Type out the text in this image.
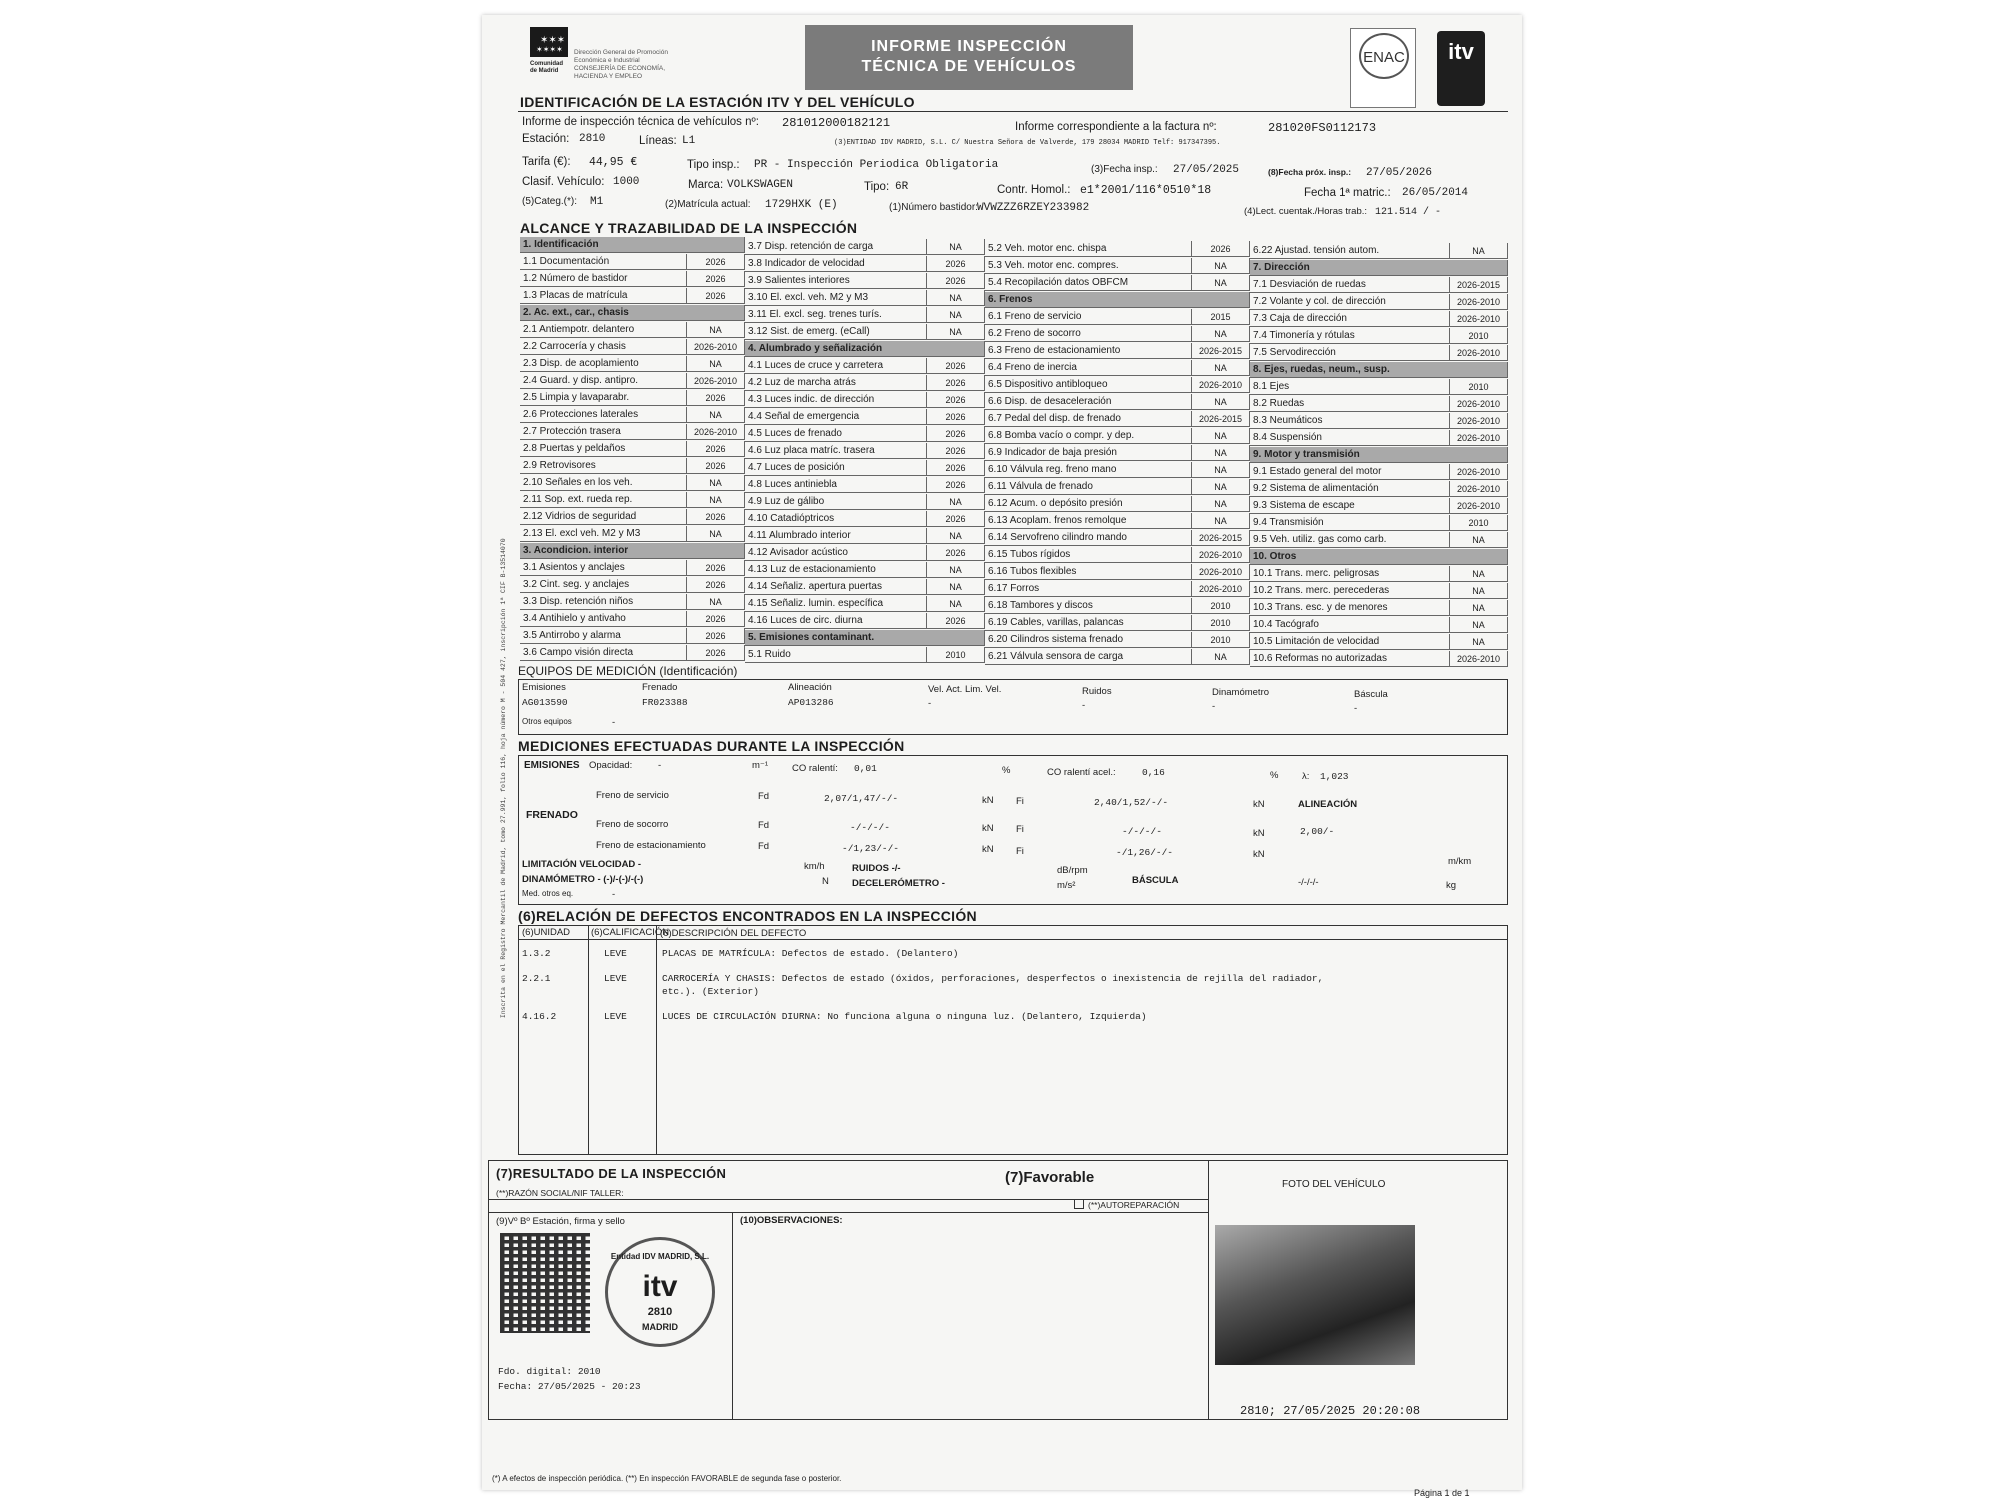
✶✶✶
✶✶✶✶
Comunidad
de Madrid
Dirección General de Promoción
Económica e Industrial
CONSEJERÍA DE ECONOMÍA,
HACIENDA Y EMPLEO
INFORME INSPECCIÓN
TÉCNICA DE VEHÍCULOS
ENAC	itv
IDENTIFICACIÓN DE LA ESTACIÓN ITV Y DEL VEHÍCULO
Informe de inspección técnica de vehículos nº: 281012000182121	Informe correspondiente a la factura nº:	281020FS0112173
Estación: 2810	Líneas: L1	(3)ENTIDAD IDV MADRID, S.L. C/ Nuestra Señora de Valverde, 179 28034 MADRID Telf: 917347395.
Tarifa (€): 44,95 €	Tipo insp.: PR - Inspección Periodica Obligatoria	(3)Fecha insp.: 27/05/2025	(8)Fecha próx. insp.: 27/05/2026
Clasif. Vehículo: 1000	Marca: VOLKSWAGEN	Tipo: 6R	Contr. Homol.: e1*2001/116*0510*18	Fecha 1ª matric.: 26/05/2014
(5)Categ.(*): M1	(2)Matrícula actual: 1729HXK (E)	(1)Número bastidor: WVWZZZ6RZEY233982	(4)Lect. cuentak./Horas trab.: 121.514 / -
ALCANCE Y TRAZABILIDAD DE LA INSPECCIÓN
1. Identificación
1.1 Documentación	2026
1.2 Número de bastidor	2026
1.3 Placas de matrícula	2026
2. Ac. ext., car., chasis
2.1 Antiempotr. delantero	NA
2.2 Carrocería y chasis	2026-2010
2.3 Disp. de acoplamiento	NA
2.4 Guard. y disp. antipro.	2026-2010
2.5 Limpia y lavaparabr.	2026
2.6 Protecciones laterales	NA
2.7 Protección trasera	2026-2010
2.8 Puertas y peldaños	2026
2.9 Retrovisores	2026
2.10 Señales en los veh.	NA
2.11 Sop. ext. rueda rep.	NA
2.12 Vidrios de seguridad	2026
2.13 El. excl veh. M2 y M3	NA
3. Acondicion. interior
3.1 Asientos y anclajes	2026
3.2 Cint. seg. y anclajes	2026
3.3 Disp. retención niños	NA
3.4 Antihielo y antivaho	2026
3.5 Antirrobo y alarma	2026
3.6 Campo visión directa	2026
3.7 Disp. retención de carga	NA
3.8 Indicador de velocidad	2026
3.9 Salientes interiores	2026
3.10 El. excl. veh. M2 y M3	NA
3.11 El. excl. seg. trenes turís.	NA
3.12 Sist. de emerg. (eCall)	NA
4. Alumbrado y señalización
4.1 Luces de cruce y carretera	2026
4.2 Luz de marcha atrás	2026
4.3 Luces indic. de dirección	2026
4.4 Señal de emergencia	2026
4.5 Luces de frenado	2026
4.6 Luz placa matríc. trasera	2026
4.7 Luces de posición	2026
4.8 Luces antiniebla	2026
4.9 Luz de gálibo	NA
4.10 Catadióptricos	2026
4.11 Alumbrado interior	NA
4.12 Avisador acústico	2026
4.13 Luz de estacionamiento	NA
4.14 Señaliz. apertura puertas	NA
4.15 Señaliz. lumin. específica	NA
4.16 Luces de circ. diurna	2026
5. Emisiones contaminant.
5.1 Ruido	2010
5.2 Veh. motor enc. chispa	2026
5.3 Veh. motor enc. compres.	NA
5.4 Recopilación datos OBFCM	NA
6. Frenos
6.1 Freno de servicio	2015
6.2 Freno de socorro	NA
6.3 Freno de estacionamiento	2026-2015
6.4 Freno de inercia	NA
6.5 Dispositivo antibloqueo	2026-2010
6.6 Disp. de desaceleración	NA
6.7 Pedal del disp. de frenado	2026-2015
6.8 Bomba vacío o compr. y dep.	NA
6.9 Indicador de baja presión	NA
6.10 Válvula reg. freno mano	NA
6.11 Válvula de frenado	NA
6.12 Acum. o depósito presión	NA
6.13 Acoplam. frenos remolque	NA
6.14 Servofreno cilindro mando	2026-2015
6.15 Tubos rígidos	2026-2010
6.16 Tubos flexibles	2026-2010
6.17 Forros	2026-2010
6.18 Tambores y discos	2010
6.19 Cables, varillas, palancas	2010
6.20 Cilindros sistema frenado	2010
6.21 Válvula sensora de carga	NA
6.22 Ajustad. tensión autom.	NA
7. Dirección
7.1 Desviación de ruedas	2026-2015
7.2 Volante y col. de dirección	2026-2010
7.3 Caja de dirección	2026-2010
7.4 Timonería y rótulas	2010
7.5 Servodirección	2026-2010
8. Ejes, ruedas, neum., susp.
8.1 Ejes	2010
8.2 Ruedas	2026-2010
8.3 Neumáticos	2026-2010
8.4 Suspensión	2026-2010
9. Motor y transmisión
9.1 Estado general del motor	2026-2010
9.2 Sistema de alimentación	2026-2010
9.3 Sistema de escape	2026-2010
9.4 Transmisión	2010
9.5 Veh. utiliz. gas como carb.	NA
10. Otros
10.1 Trans. merc. peligrosas	NA
10.2 Trans. merc. perecederas	NA
10.3 Trans. esc. y de menores	NA
10.4 Tacógrafo	NA
10.5 Limitación de velocidad	NA
10.6 Reformas no autorizadas	2026-2010
EQUIPOS DE MEDICIÓN (Identificación)
Emisiones
AG013590
Frenado
FR023388
Alineación
AP013286
Vel. Act. Lim. Vel.
-
Ruidos
-
Dinamómetro
-
Báscula
-
Otros equipos	-
MEDICIONES EFECTUADAS DURANTE LA INSPECCIÓN
EMISIONES Opacidad:	-	m⁻¹	CO ralentí: 0,01	%	CO ralentí acel.:	0,16	% λ: 1,023
FRENADO
Freno de servicio	Fd	2,07/1,47/-/-	kN Fi	2,40/1,52/-/-	kN	ALINEACIÓN
2,00/-
m/km
Freno de socorro	Fd	-/-/-/-	kN Fi	-/-/-/-	kN
Freno de estacionamiento	Fd	-/1,23/-/-	kN Fi	-/1,26/-/-	kN
LIMITACIÓN VELOCIDAD -	km/h	RUIDOS -/-	dB/rpm
DINAMÓMETRO - (-)/-(-)/-(-)	N DECELERÓMETRO -	m/s²	BÁSCULA	-/-/-/-	kg
Med. otros eq.	-
(6)RELACIÓN DE DEFECTOS ENCONTRADOS EN LA INSPECCIÓN
(6)UNIDAD (6)CALIFICACIÓN
(6)DESCRIPCIÓN DEL DEFECTO
1.3.2	LEVE	PLACAS DE MATRÍCULA: Defectos de estado. (Delantero)
2.2.1	LEVE	CARROCERÍA Y CHASIS: Defectos de estado (óxidos, perforaciones, desperfectos o inexistencia de rejilla del radiador,
etc.). (Exterior)
4.16.2	LEVE	LUCES DE CIRCULACIÓN DIURNA: No funciona alguna o ninguna luz. (Delantero, Izquierda)
(7)RESULTADO DE LA INSPECCIÓN	(7)Favorable
(**)RAZÓN SOCIAL/NIF TALLER:
(**)AUTOREPARACIÓN
(9)Vº Bº Estación, firma y sello	(10)OBSERVACIONES:
FOTO DEL VEHÍCULO
Entidad IDV MADRID, S.L.
itv
2810
MADRID
Fdo. digital: 2010
Fecha: 27/05/2025 - 20:23
2810; 27/05/2025 20:20:08
Inscrita en el Registro Mercantil de Madrid, tomo 27.991, folio 116, hoja número M - 504 427, inscripción 1ª CIF B-13514070
(*) A efectos de inspección periódica. (**) En inspección FAVORABLE de segunda fase o posterior.
Página 1 de 1
